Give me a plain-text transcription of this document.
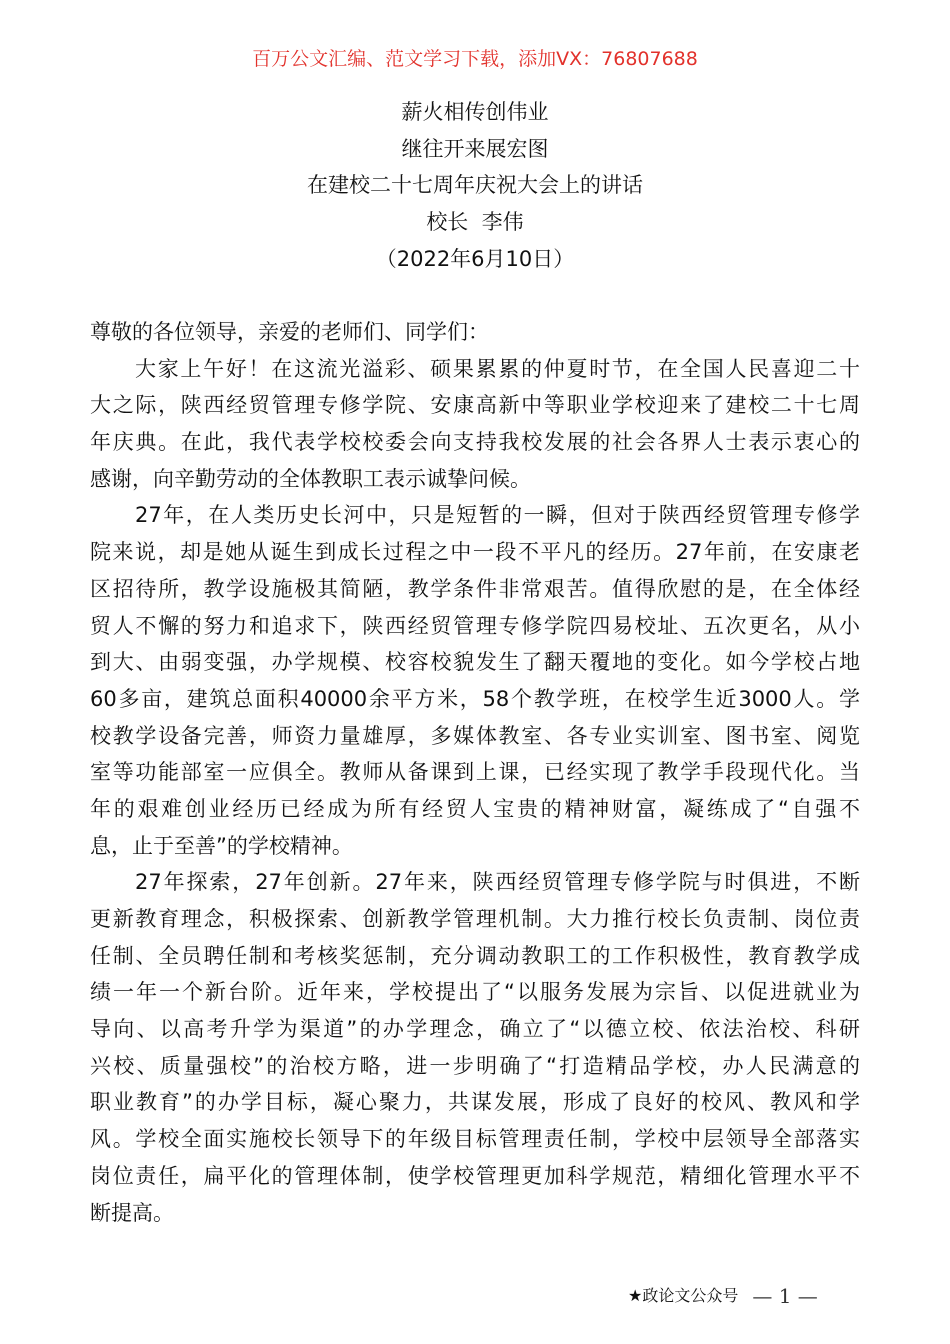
百万公文汇编、范文学习下载，添加VX：76807688
薪火相传创伟业
继往开来展宏图
在建校二十七周年庆祝大会上的讲话
校长  李伟
（2022年6月10日）
尊敬的各位领导，亲爱的老师们、同学们：
大家上午好！在这流光溢彩、硕果累累的仲夏时节，在全国人民喜迎二十
大之际，陕西经贸管理专修学院、安康高新中等职业学校迎来了建校二十七周
年庆典。在此，我代表学校校委会向支持我校发展的社会各界人士表示衷心的
感谢，向辛勤劳动的全体教职工表示诚挚问候。
27年，在人类历史长河中，只是短暂的一瞬，但对于陕西经贸管理专修学
院来说，却是她从诞生到成长过程之中一段不平凡的经历。27年前，在安康老
区招待所，教学设施极其简陋，教学条件非常艰苦。值得欣慰的是，在全体经
贸人不懈的努力和追求下，陕西经贸管理专修学院四易校址、五次更名，从小
到大、由弱变强，办学规模、校容校貌发生了翻天覆地的变化。如今学校占地
60多亩，建筑总面积40000余平方米，58个教学班，在校学生近3000人。学
校教学设备完善，师资力量雄厚，多媒体教室、各专业实训室、图书室、阅览
室等功能部室一应俱全。教师从备课到上课，已经实现了教学手段现代化。当
年的艰难创业经历已经成为所有经贸人宝贵的精神财富，凝练成了“自强不
息，止于至善”的学校精神。
27年探索，27年创新。27年来，陕西经贸管理专修学院与时俱进，不断
更新教育理念，积极探索、创新教学管理机制。大力推行校长负责制、岗位责
任制、全员聘任制和考核奖惩制，充分调动教职工的工作积极性，教育教学成
绩一年一个新台阶。近年来，学校提出了“以服务发展为宗旨、以促进就业为
导向、以高考升学为渠道”的办学理念，确立了“以德立校、依法治校、科研
兴校、质量强校”的治校方略，进一步明确了“打造精品学校，办人民满意的
职业教育”的办学目标，凝心聚力，共谋发展，形成了良好的校风、教风和学
风。学校全面实施校长领导下的年级目标管理责任制，学校中层领导全部落实
岗位责任，扁平化的管理体制，使学校管理更加科学规范，精细化管理水平不
断提高。
★ 政论文公众号 — 1 —
